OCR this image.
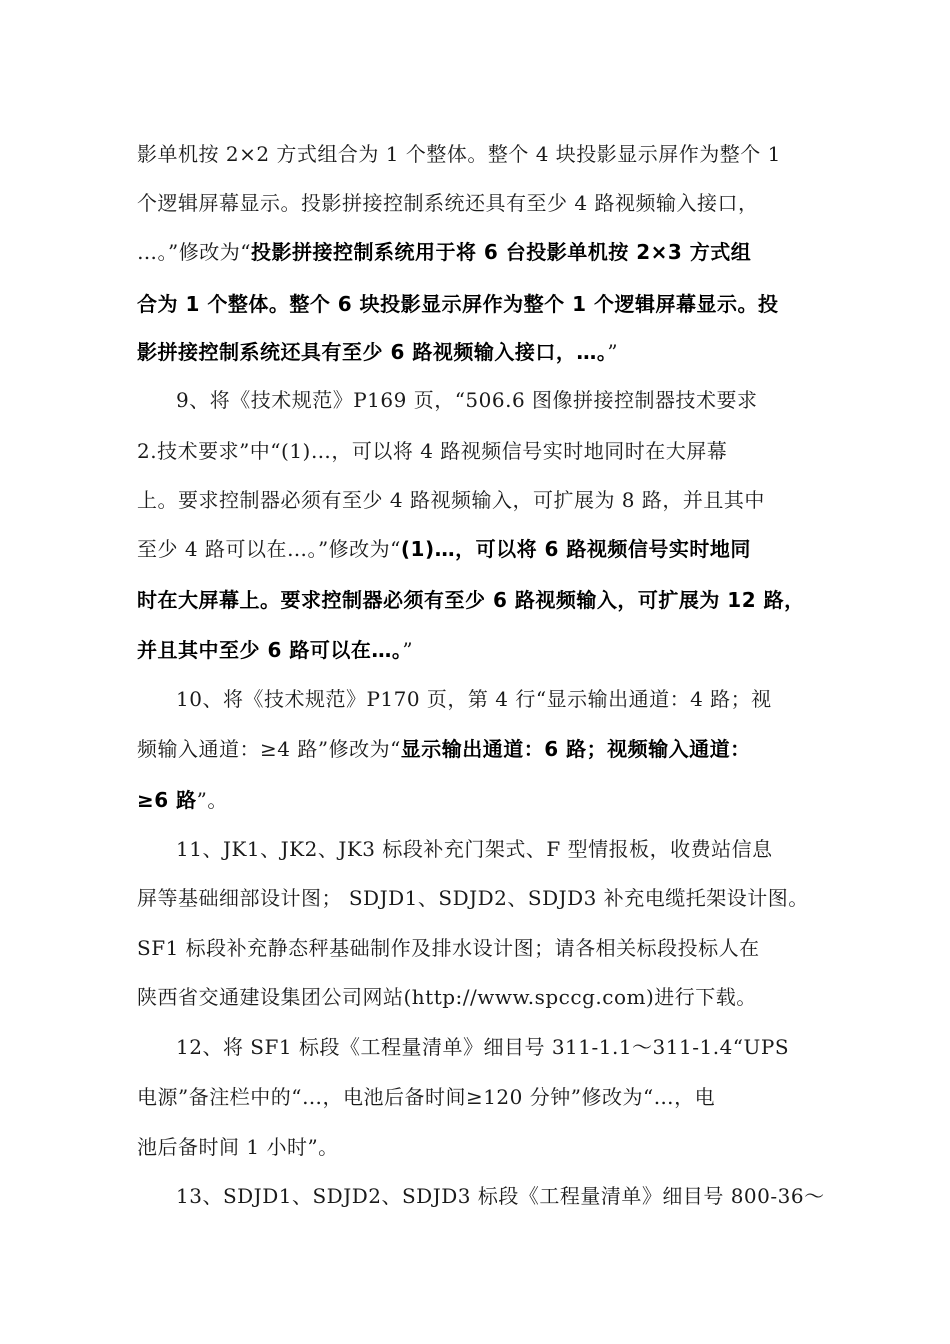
影单机按 2×2 方式组合为 1 个整体。整个 4 块投影显示屏作为整个 1
个逻辑屏幕显示。投影拼接控制系统还具有至少 4 路视频输入接口，
…。”修改为“投影拼接控制系统用于将 6 台投影单机按 2×3 方式组
合为 1 个整体。整个 6 块投影显示屏作为整个 1 个逻辑屏幕显示。投
影拼接控制系统还具有至少 6 路视频输入接口，…。”
9、将《技术规范》P169 页，“506.6 图像拼接控制器技术要求
2.技术要求”中“(1)…，可以将 4 路视频信号实时地同时在大屏幕
上。要求控制器必须有至少 4 路视频输入，可扩展为 8 路，并且其中
至少 4 路可以在…。”修改为“(1)…，可以将 6 路视频信号实时地同
时在大屏幕上。要求控制器必须有至少 6 路视频输入，可扩展为 12 路，
并且其中至少 6 路可以在…。”
10、将《技术规范》P170 页，第 4 行“显示输出通道：4 路；视
频输入通道：≥4 路”修改为“显示输出通道：6 路；视频输入通道：
≥6 路”。
11、JK1、JK2、JK3 标段补充门架式、F 型情报板，收费站信息
屏等基础细部设计图； SDJD1、SDJD2、SDJD3 补充电缆托架设计图。
SF1 标段补充静态秤基础制作及排水设计图；请各相关标段投标人在
陕西省交通建设集团公司网站(http://www.spccg.com)进行下载。
12、将 SF1 标段《工程量清单》细目号 311-1.1～311-1.4“UPS
电源”备注栏中的“…，电池后备时间≥120 分钟”修改为“…，电
池后备时间 1 小时”。
13、SDJD1、SDJD2、SDJD3 标段《工程量清单》细目号 800-36～
